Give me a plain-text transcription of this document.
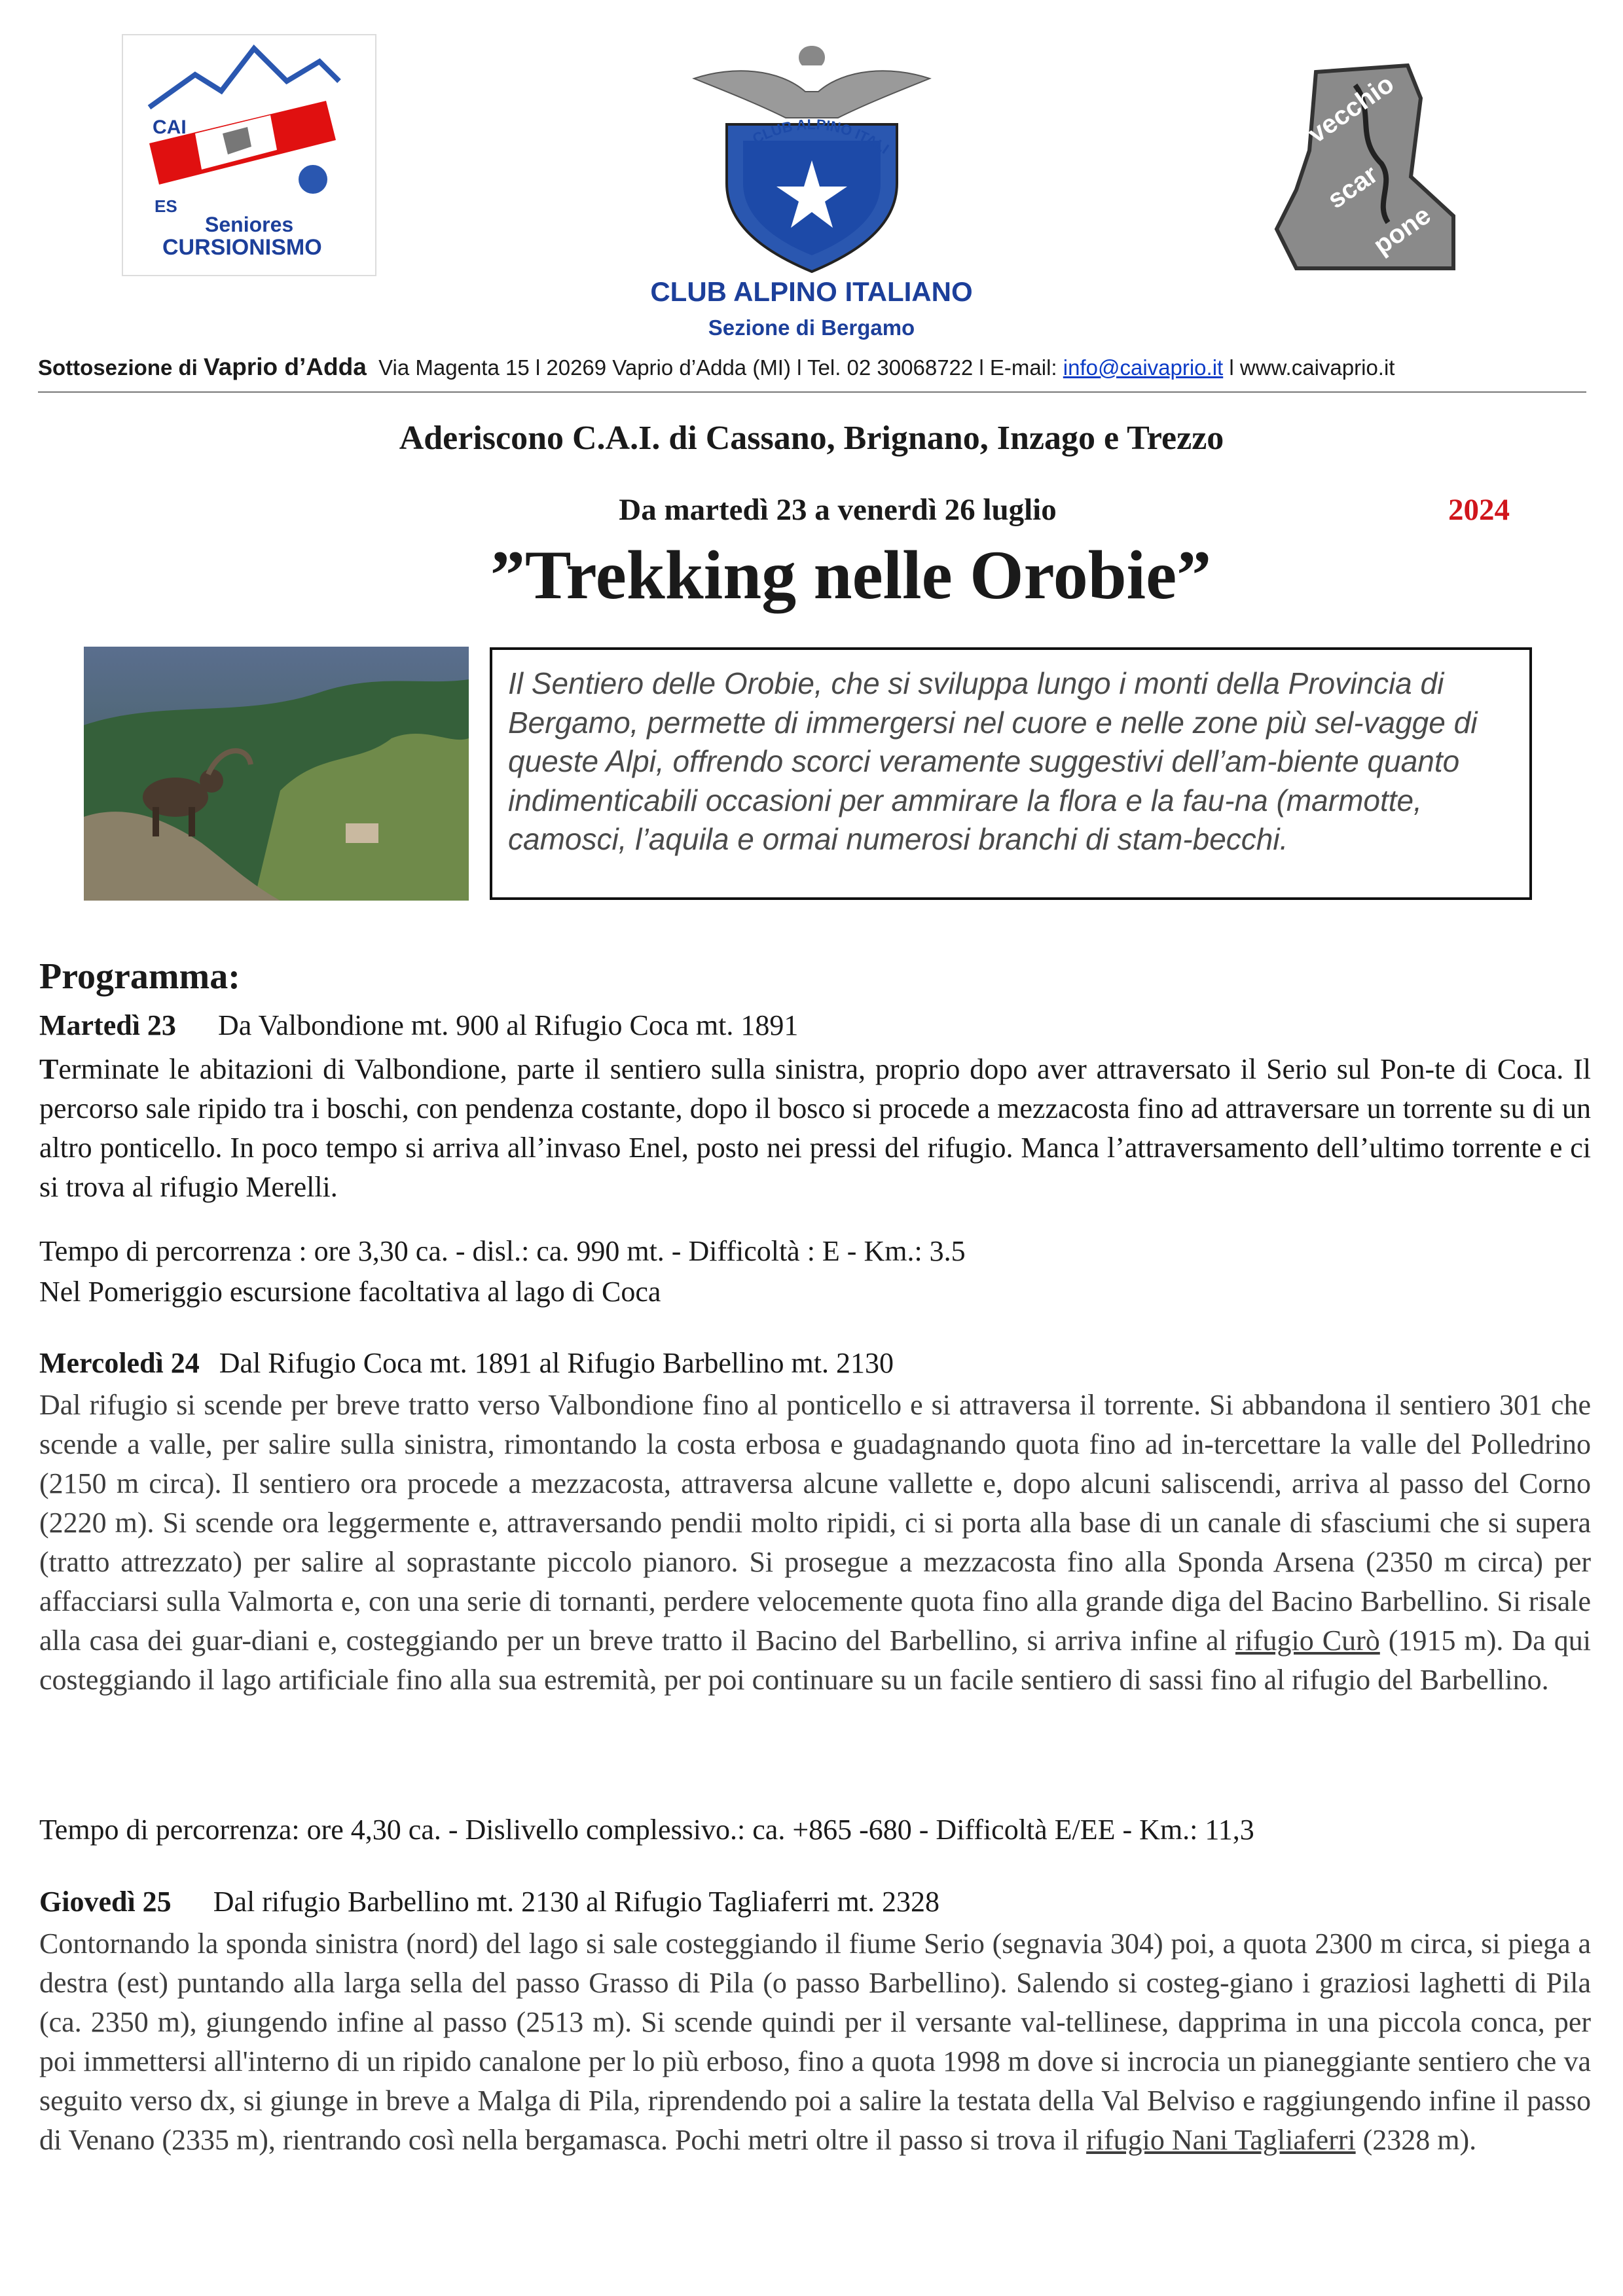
CAI
ES
Seniores
CURSIONISMO
CLUB ALPINO ITALI
vecchio
scar
pone
CLUB ALPINO ITALIANO
Sezione di Bergamo
Sottosezione di Vaprio d’Adda Via Magenta 15 l 20269 Vaprio d’Adda (MI) l Tel. 02 30068722 l E-mail: info@caivaprio.it l www.caivaprio.it
Aderiscono C.A.I. di Cassano, Brignano, Inzago e Trezzo
Da martedì 23 a venerdì 26 luglio	2024
”Trekking nelle Orobie”
Il Sentiero delle Orobie, che si sviluppa lungo i monti della Provincia di Bergamo, permette di immergersi nel cuore e nelle zone più sel-vagge di queste Alpi, offrendo scorci veramente suggestivi dell’am-biente quanto indimenticabili occasioni per ammirare la flora e la fau-na (marmotte, camosci, l’aquila e ormai numerosi branchi di stam-becchi.
Programma:
Martedì 23 Da Valbondione mt. 900 al Rifugio Coca mt. 1891
Terminate le abitazioni di Valbondione, parte il sentiero sulla sinistra, proprio dopo aver attraversato il Serio sul Pon-te di Coca. Il percorso sale ripido tra i boschi, con pendenza costante, dopo il bosco si procede a mezzacosta fino ad attraversare un torrente su di un altro ponticello. In poco tempo si arriva all’invaso Enel, posto nei pressi del rifugio. Manca l’attraversamento dell’ultimo torrente e ci si trova al rifugio Merelli.
Tempo di percorrenza : ore 3,30 ca. - disl.: ca. 990 mt. - Difficoltà : E - Km.: 3.5
Nel Pomeriggio escursione facoltativa al lago di Coca
Mercoledì 24 Dal Rifugio Coca mt. 1891 al Rifugio Barbellino mt. 2130
Dal rifugio si scende per breve tratto verso Valbondione fino al ponticello e si attraversa il torrente. Si abbandona il sentiero 301 che scende a valle, per salire sulla sinistra, rimontando la costa erbosa e guadagnando quota fino ad in-tercettare la valle del Polledrino (2150 m circa). Il sentiero ora procede a mezzacosta, attraversa alcune vallette e, dopo alcuni saliscendi, arriva al passo del Corno (2220 m). Si scende ora leggermente e, attraversando pendii molto ripidi, ci si porta alla base di un canale di sfasciumi che si supera (tratto attrezzato) per salire al soprastante piccolo pianoro. Si prosegue a mezzacosta fino alla Sponda Arsena (2350 m circa) per affacciarsi sulla Valmorta e, con una serie di tornanti, perdere velocemente quota fino alla grande diga del Bacino Barbellino. Si risale alla casa dei guar-diani e, costeggiando per un breve tratto il Bacino del Barbellino, si arriva infine al rifugio Curò (1915 m). Da qui costeggiando il lago artificiale fino alla sua estremità, per poi continuare su un facile sentiero di sassi fino al rifugio del Barbellino.
Tempo di percorrenza: ore 4,30 ca. - Dislivello complessivo.: ca. +865 -680 - Difficoltà E/EE - Km.: 11,3
Giovedì 25 Dal rifugio Barbellino mt. 2130 al Rifugio Tagliaferri mt. 2328
Contornando la sponda sinistra (nord) del lago si sale costeggiando il fiume Serio (segnavia 304) poi, a quota 2300 m circa, si piega a destra (est) puntando alla larga sella del passo Grasso di Pila (o passo Barbellino). Salendo si costeg-giano i graziosi laghetti di Pila (ca. 2350 m), giungendo infine al passo (2513 m). Si scende quindi per il versante val-tellinese, dapprima in una piccola conca, per poi immettersi all'interno di un ripido canalone per lo più erboso, fino a quota 1998 m dove si incrocia un pianeggiante sentiero che va seguito verso dx, si giunge in breve a Malga di Pila, riprendendo poi a salire la testata della Val Belviso e raggiungendo infine il passo di Venano (2335 m), rientrando così nella bergamasca. Pochi metri oltre il passo si trova il rifugio Nani Tagliaferri (2328 m).
